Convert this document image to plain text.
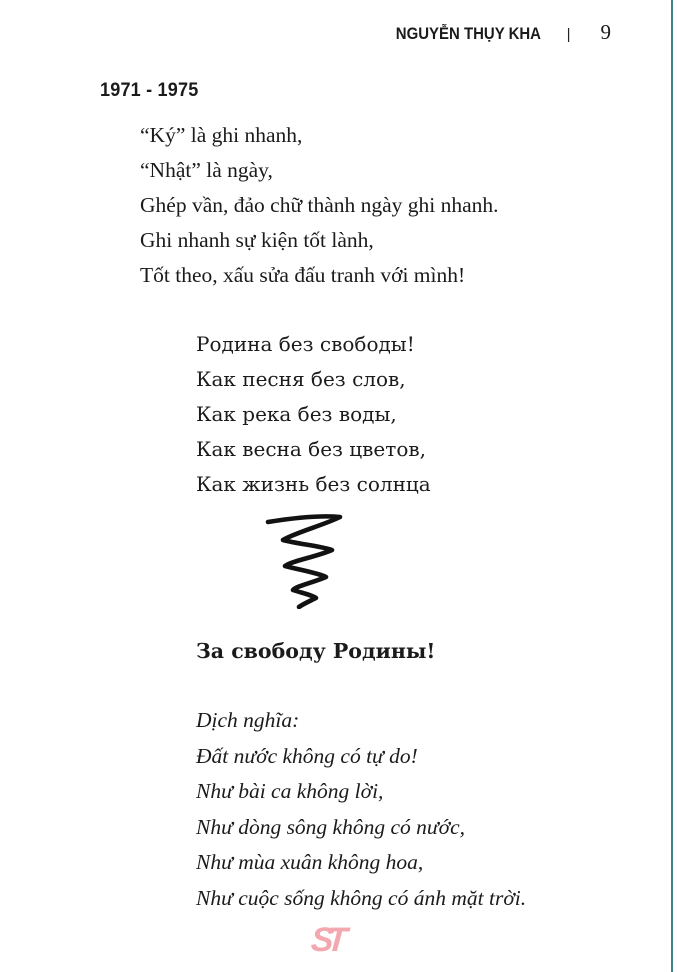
NGUYỄN THỤY KHA | 9
1971 - 1975
“Ký” là ghi nhanh,
“Nhật” là ngày,
Ghép vần, đảo chữ thành ngày ghi nhanh.
Ghi nhanh sự kiện tốt lành,
Tốt theo, xấu sửa đấu tranh với mình!
Родина без свободы!
Как песня без слов,
Как река без воды,
Как весна без цветов,
Как жизнь без солнца
За свободу Родины!
Dịch nghĩa:
Đất nước không có tự do!
Như bài ca không lời,
Như dòng sông không có nước,
Như mùa xuân không hoa,
Như cuộc sống không có ánh mặt trời.
ST
